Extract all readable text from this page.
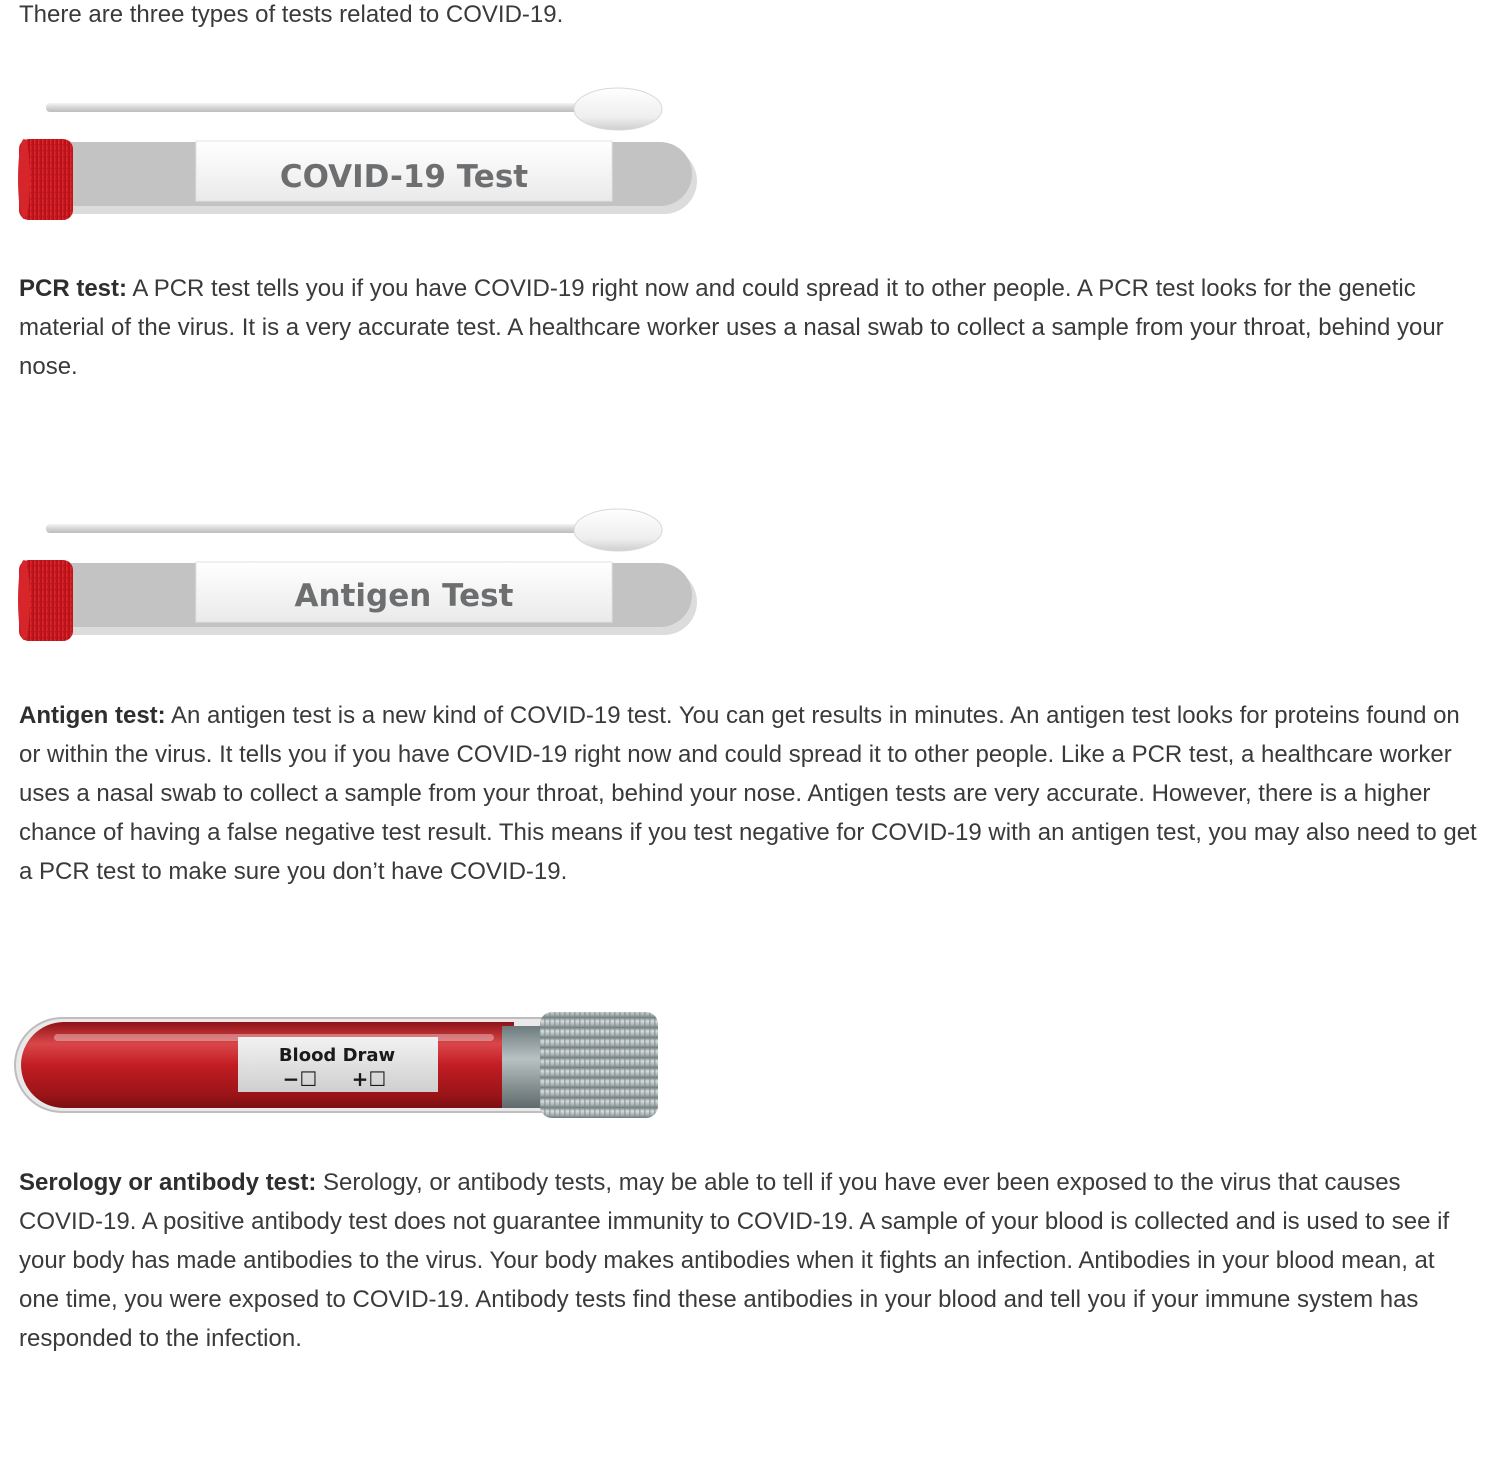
There are three types of tests related to COVID-19.

COVID-19 Test

PCR test: A PCR test tells you if you have COVID-19 right now and could spread it to other people. A PCR test looks for the genetic material of the virus. It is a very accurate test. A healthcare worker uses a nasal swab to collect a sample from your throat, behind your nose.

Antigen Test

Antigen test: An antigen test is a new kind of COVID-19 test. You can get results in minutes. An antigen test looks for proteins found on or within the virus. It tells you if you have COVID-19 right now and could spread it to other people. Like a PCR test, a healthcare worker uses a nasal swab to collect a sample from your throat, behind your nose. Antigen tests are very accurate. However, there is a higher chance of having a false negative test result. This means if you test negative for COVID-19 with an antigen test, you may also need to get a PCR test to make sure you don’t have COVID-19.

Blood Draw
−☐ +☐

Serology or antibody test: Serology, or antibody tests, may be able to tell if you have ever been exposed to the virus that causes COVID-19. A positive antibody test does not guarantee immunity to COVID-19. A sample of your blood is collected and is used to see if your body has made antibodies to the virus. Your body makes antibodies when it fights an infection. Antibodies in your blood mean, at one time, you were exposed to COVID-19. Antibody tests find these antibodies in your blood and tell you if your immune system has responded to the infection.
